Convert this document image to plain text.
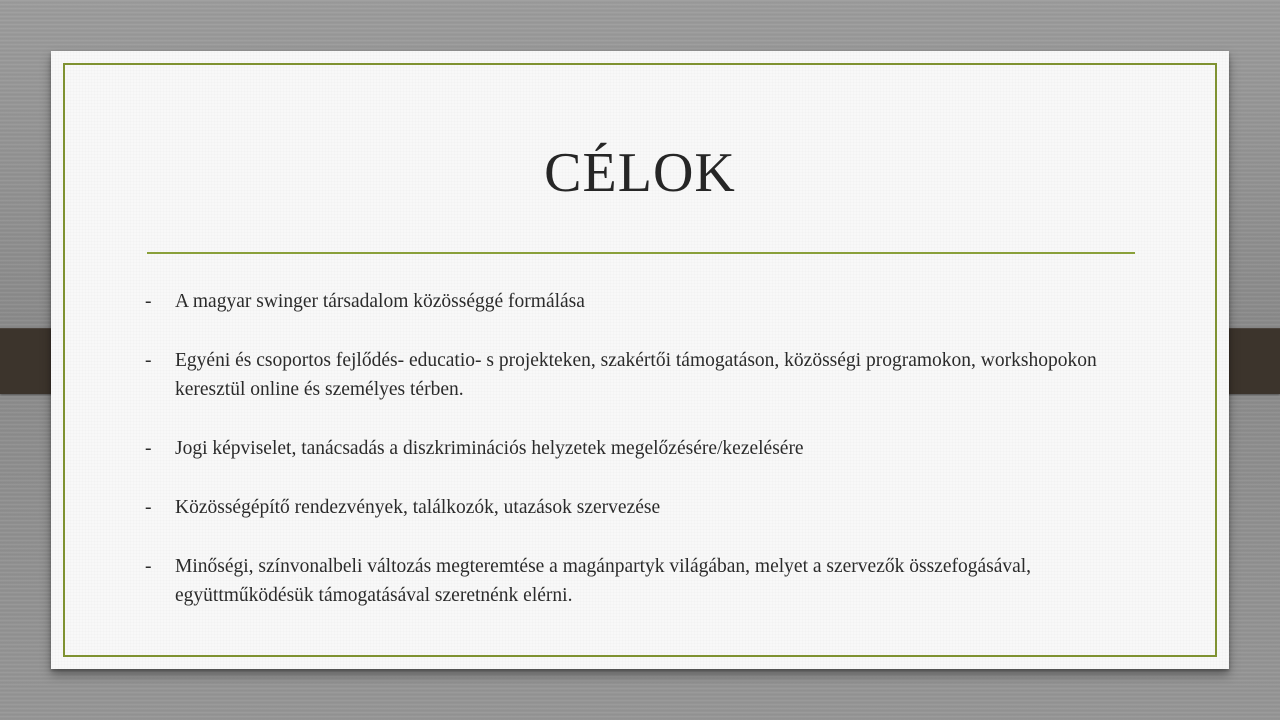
CÉLOK
- A magyar swinger társadalom közösséggé formálása
- Egyéni és csoportos fejlődés- educatio- s projekteken, szakértői támogatáson, közösségi programokon, workshopokon keresztül online és személyes térben.
- Jogi képviselet, tanácsadás a diszkriminációs helyzetek megelőzésére/kezelésére
- Közösségépítő rendezvények, találkozók, utazások szervezése
- Minőségi, színvonalbeli változás megteremtése a magánpartyk világában, melyet a szervezők összefogásával, együttműködésük támogatásával szeretnénk elérni.
